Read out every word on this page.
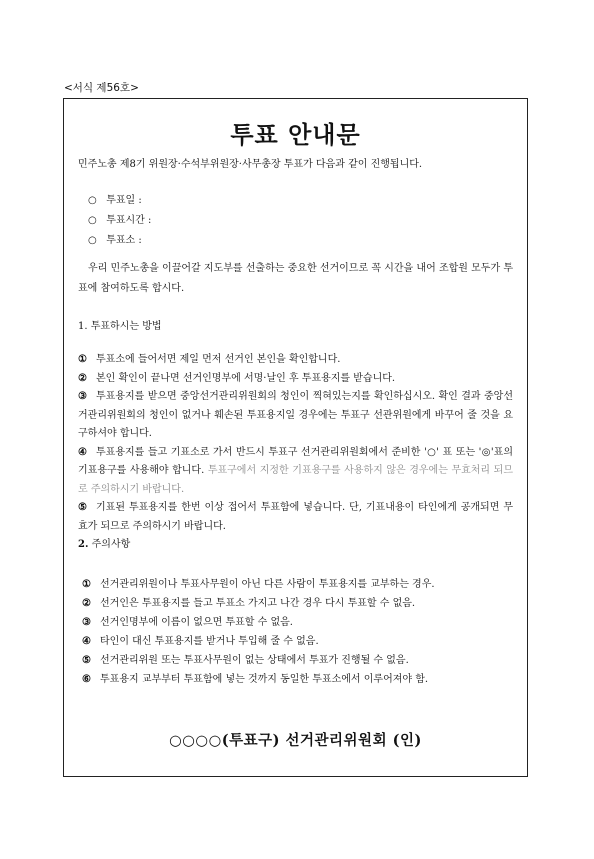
<서식 제56호>
투표 안내문
민주노총 제8기 위원장·수석부위원장·사무총장 투표가 다음과 같이 진행됩니다.
○ 투표일 :
○ 투표시간 :
○ 투표소 :
우리 민주노총을 이끌어갈 지도부를 선출하는 중요한 선거이므로 꼭 시간을 내어 조합원 모두가 투표에 참여하도록 합시다.
1. 투표하시는 방법
① 투표소에 들어서면 제일 먼저 선거인 본인을 확인합니다.
② 본인 확인이 끝나면 선거인명부에 서명·날인 후 투표용지를 받습니다.
③ 투표용지를 받으면 중앙선거관리위원회의 청인이 찍혀있는지를 확인하십시오. 확인 결과 중앙선거관리위원회의 청인이 없거나 훼손된 투표용지일 경우에는 투표구 선관위원에게 바꾸어 줄 것을 요구하셔야 합니다.
④ 투표용지를 들고 기표소로 가서 반드시 투표구 선거관리위원회에서 준비한 '○' 표 또는 '◎'표의 기표용구를 사용해야 합니다. 투표구에서 지정한 기표용구를 사용하지 않은 경우에는 무효처리 되므로 주의하시기 바랍니다.
⑤ 기표된 투표용지를 한번 이상 접어서 투표함에 넣습니다. 단, 기표내용이 타인에게 공개되면 무효가 되므로 주의하시기 바랍니다.
2. 주의사항
① 선거관리위원이나 투표사무원이 아닌 다른 사람이 투표용지를 교부하는 경우.
② 선거인은 투표용지를 들고 투표소 가지고 나간 경우 다시 투표할 수 없음.
③ 선거인명부에 이름이 없으면 투표할 수 없음.
④ 타인이 대신 투표용지를 받거나 투입해 줄 수 없음.
⑤ 선거관리위원 또는 투표사무원이 없는 상태에서 투표가 진행될 수 없음.
⑥ 투표용지 교부부터 투표함에 넣는 것까지 동일한 투표소에서 이루어져야 함.
○○○○(투표구) 선거관리위원회 (인)
